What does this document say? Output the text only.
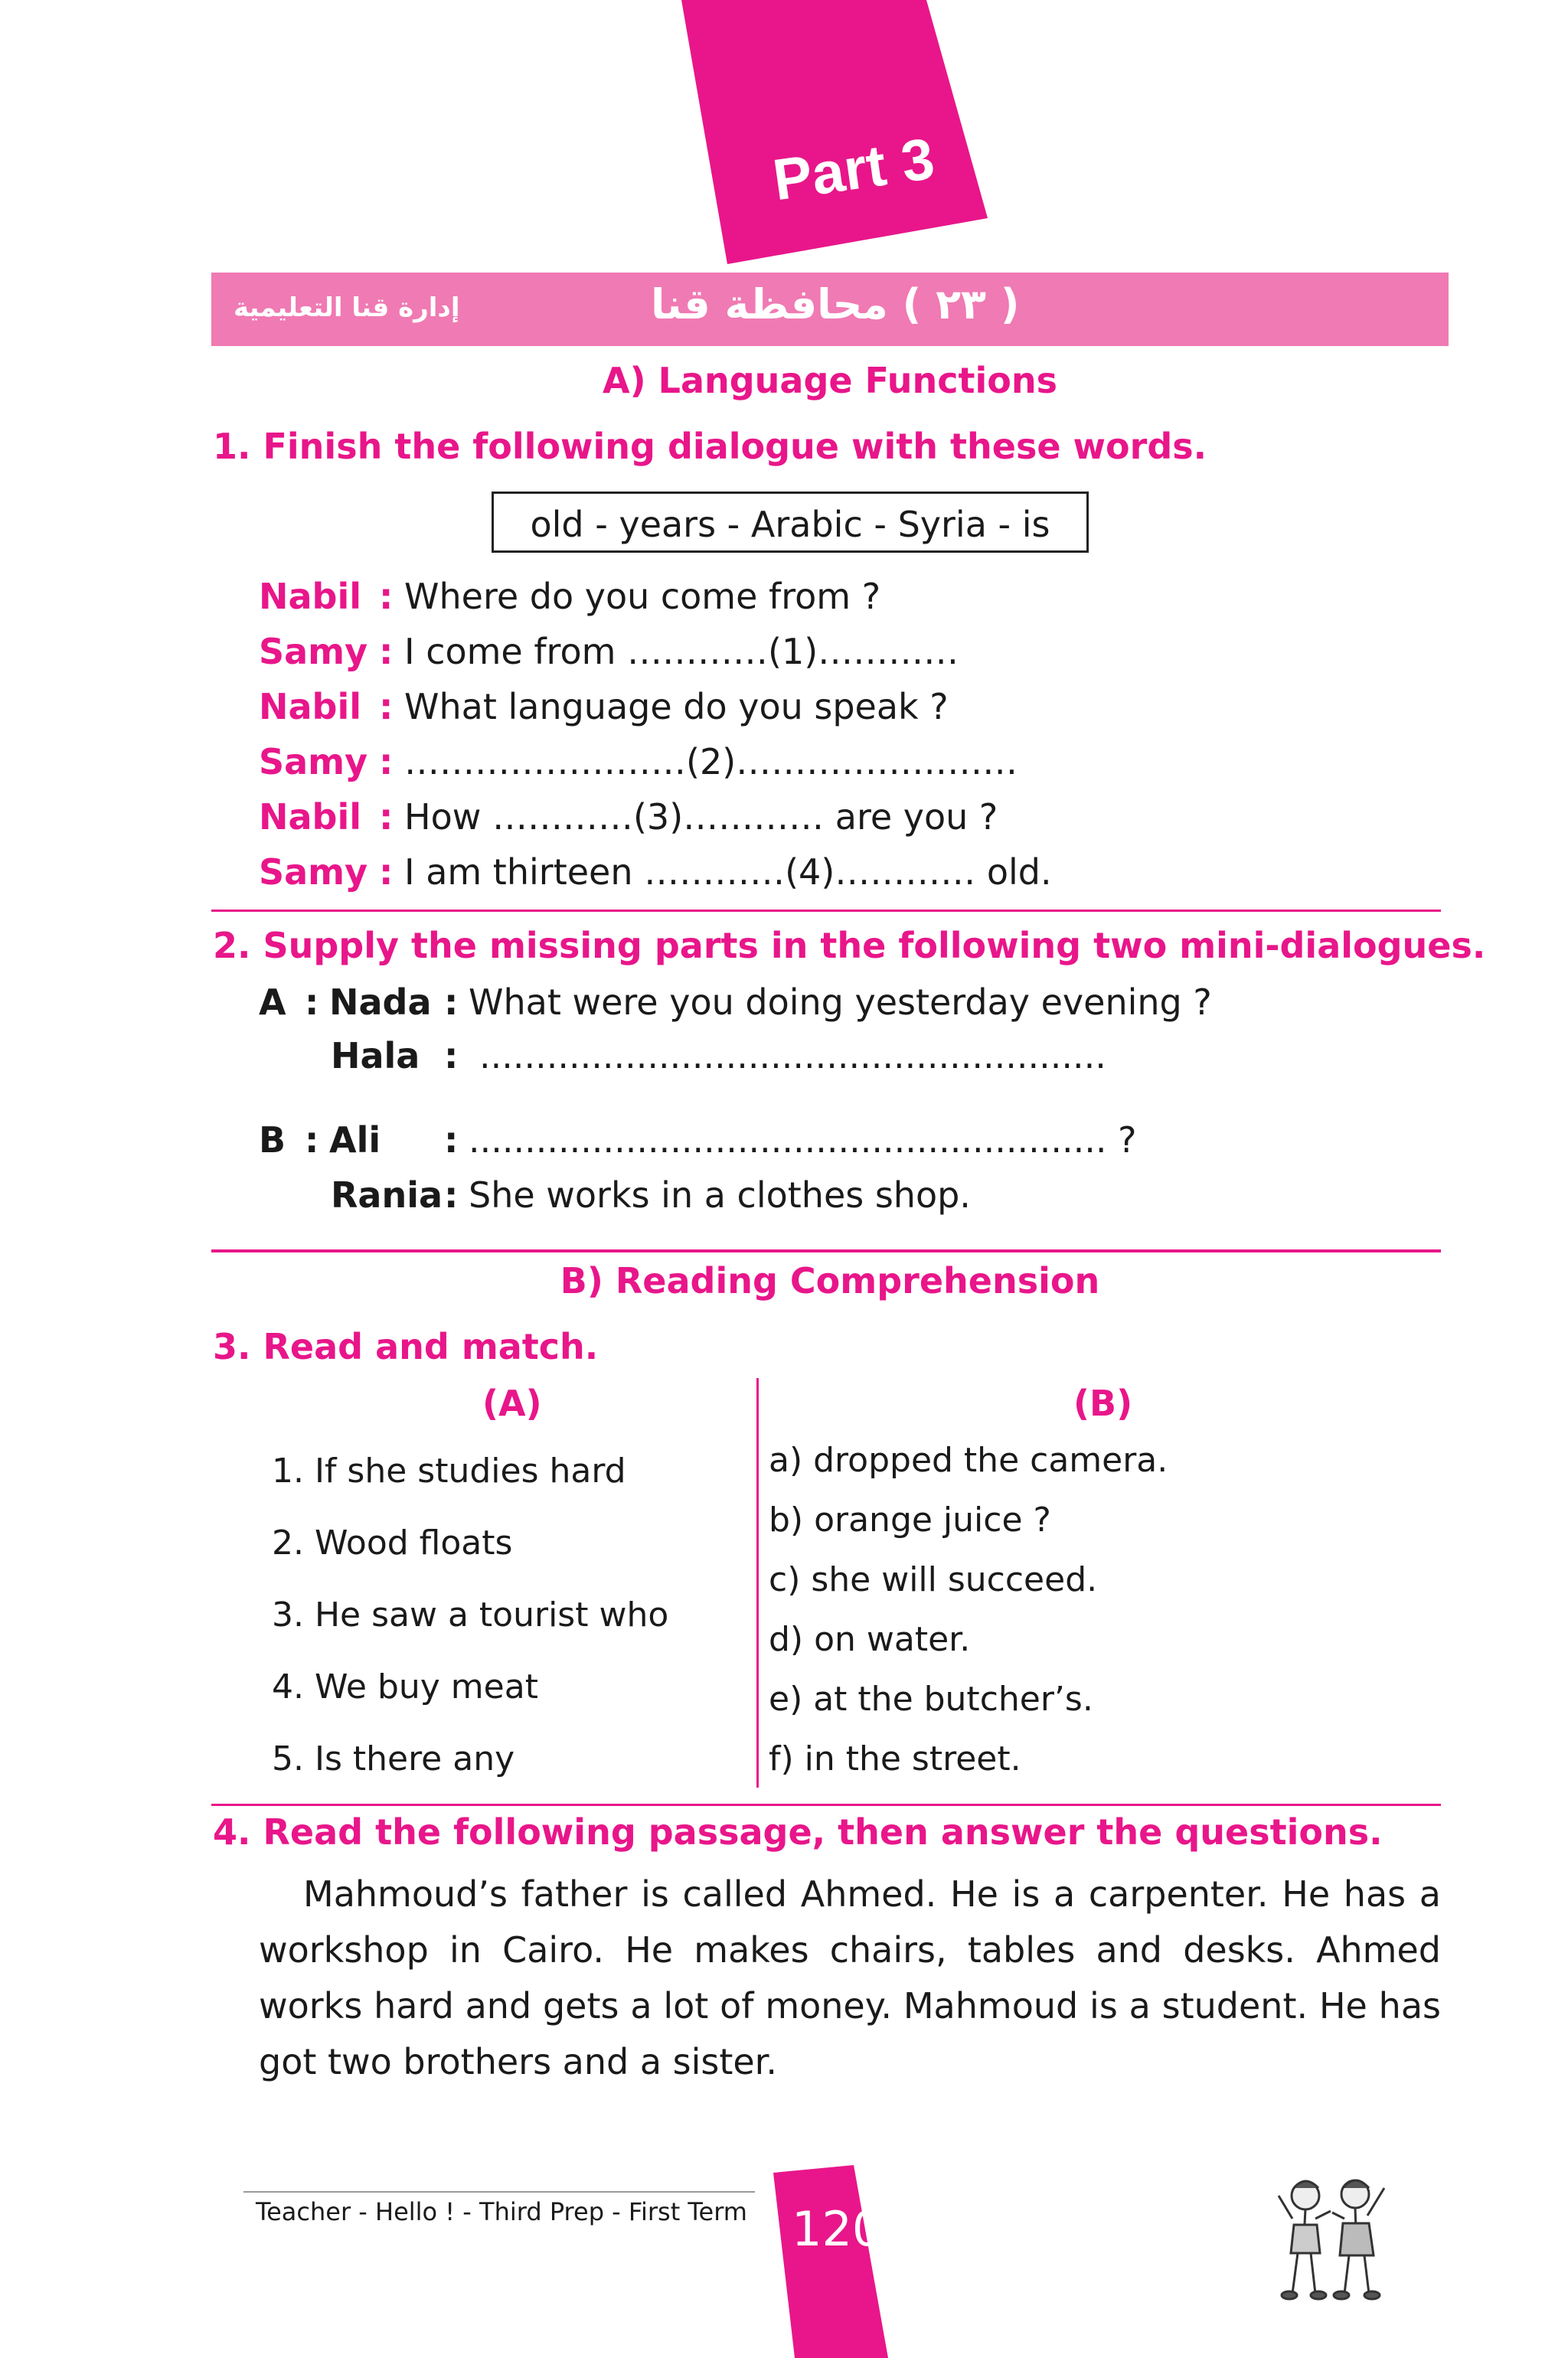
Part 3
إدارة قنا التعليمية	( ٢٣ ) محافظة قنا
A) Language Functions
1. Finish the following dialogue with these words.
old - years - Arabic - Syria - is
Nabil : Where do you come from ?
Samy : I come from …………(1)…………
Nabil : What language do you speak ?
Samy : ……………………(2)……………………
Nabil : How …………(3)………… are you ?
Samy : I am thirteen …………(4)………… old.
2. Supply the missing parts in the following two mini-dialogues.
A : Nada : What were you doing yesterday evening ?
Hala : ........................................................
B : Ali : ......................................................... ?
Rania : She works in a clothes shop.
B) Reading Comprehension
3. Read and match.
(A)	(B)
1. If she studies hard
2. Wood floats
3. He saw a tourist who
4. We buy meat
5. Is there any
a) dropped the camera.
b) orange juice ?
c) she will succeed.
d) on water.
e) at the butcher’s.
f) in the street.
4. Read the following passage, then answer the questions.
Mahmoud’s father is called Ahmed. He is a carpenter. He has a workshop in Cairo. He makes chairs, tables and desks. Ahmed works hard and gets a lot of money. Mahmoud is a student. He has got two brothers and a sister.
Teacher - Hello ! - Third Prep - First Term 120
